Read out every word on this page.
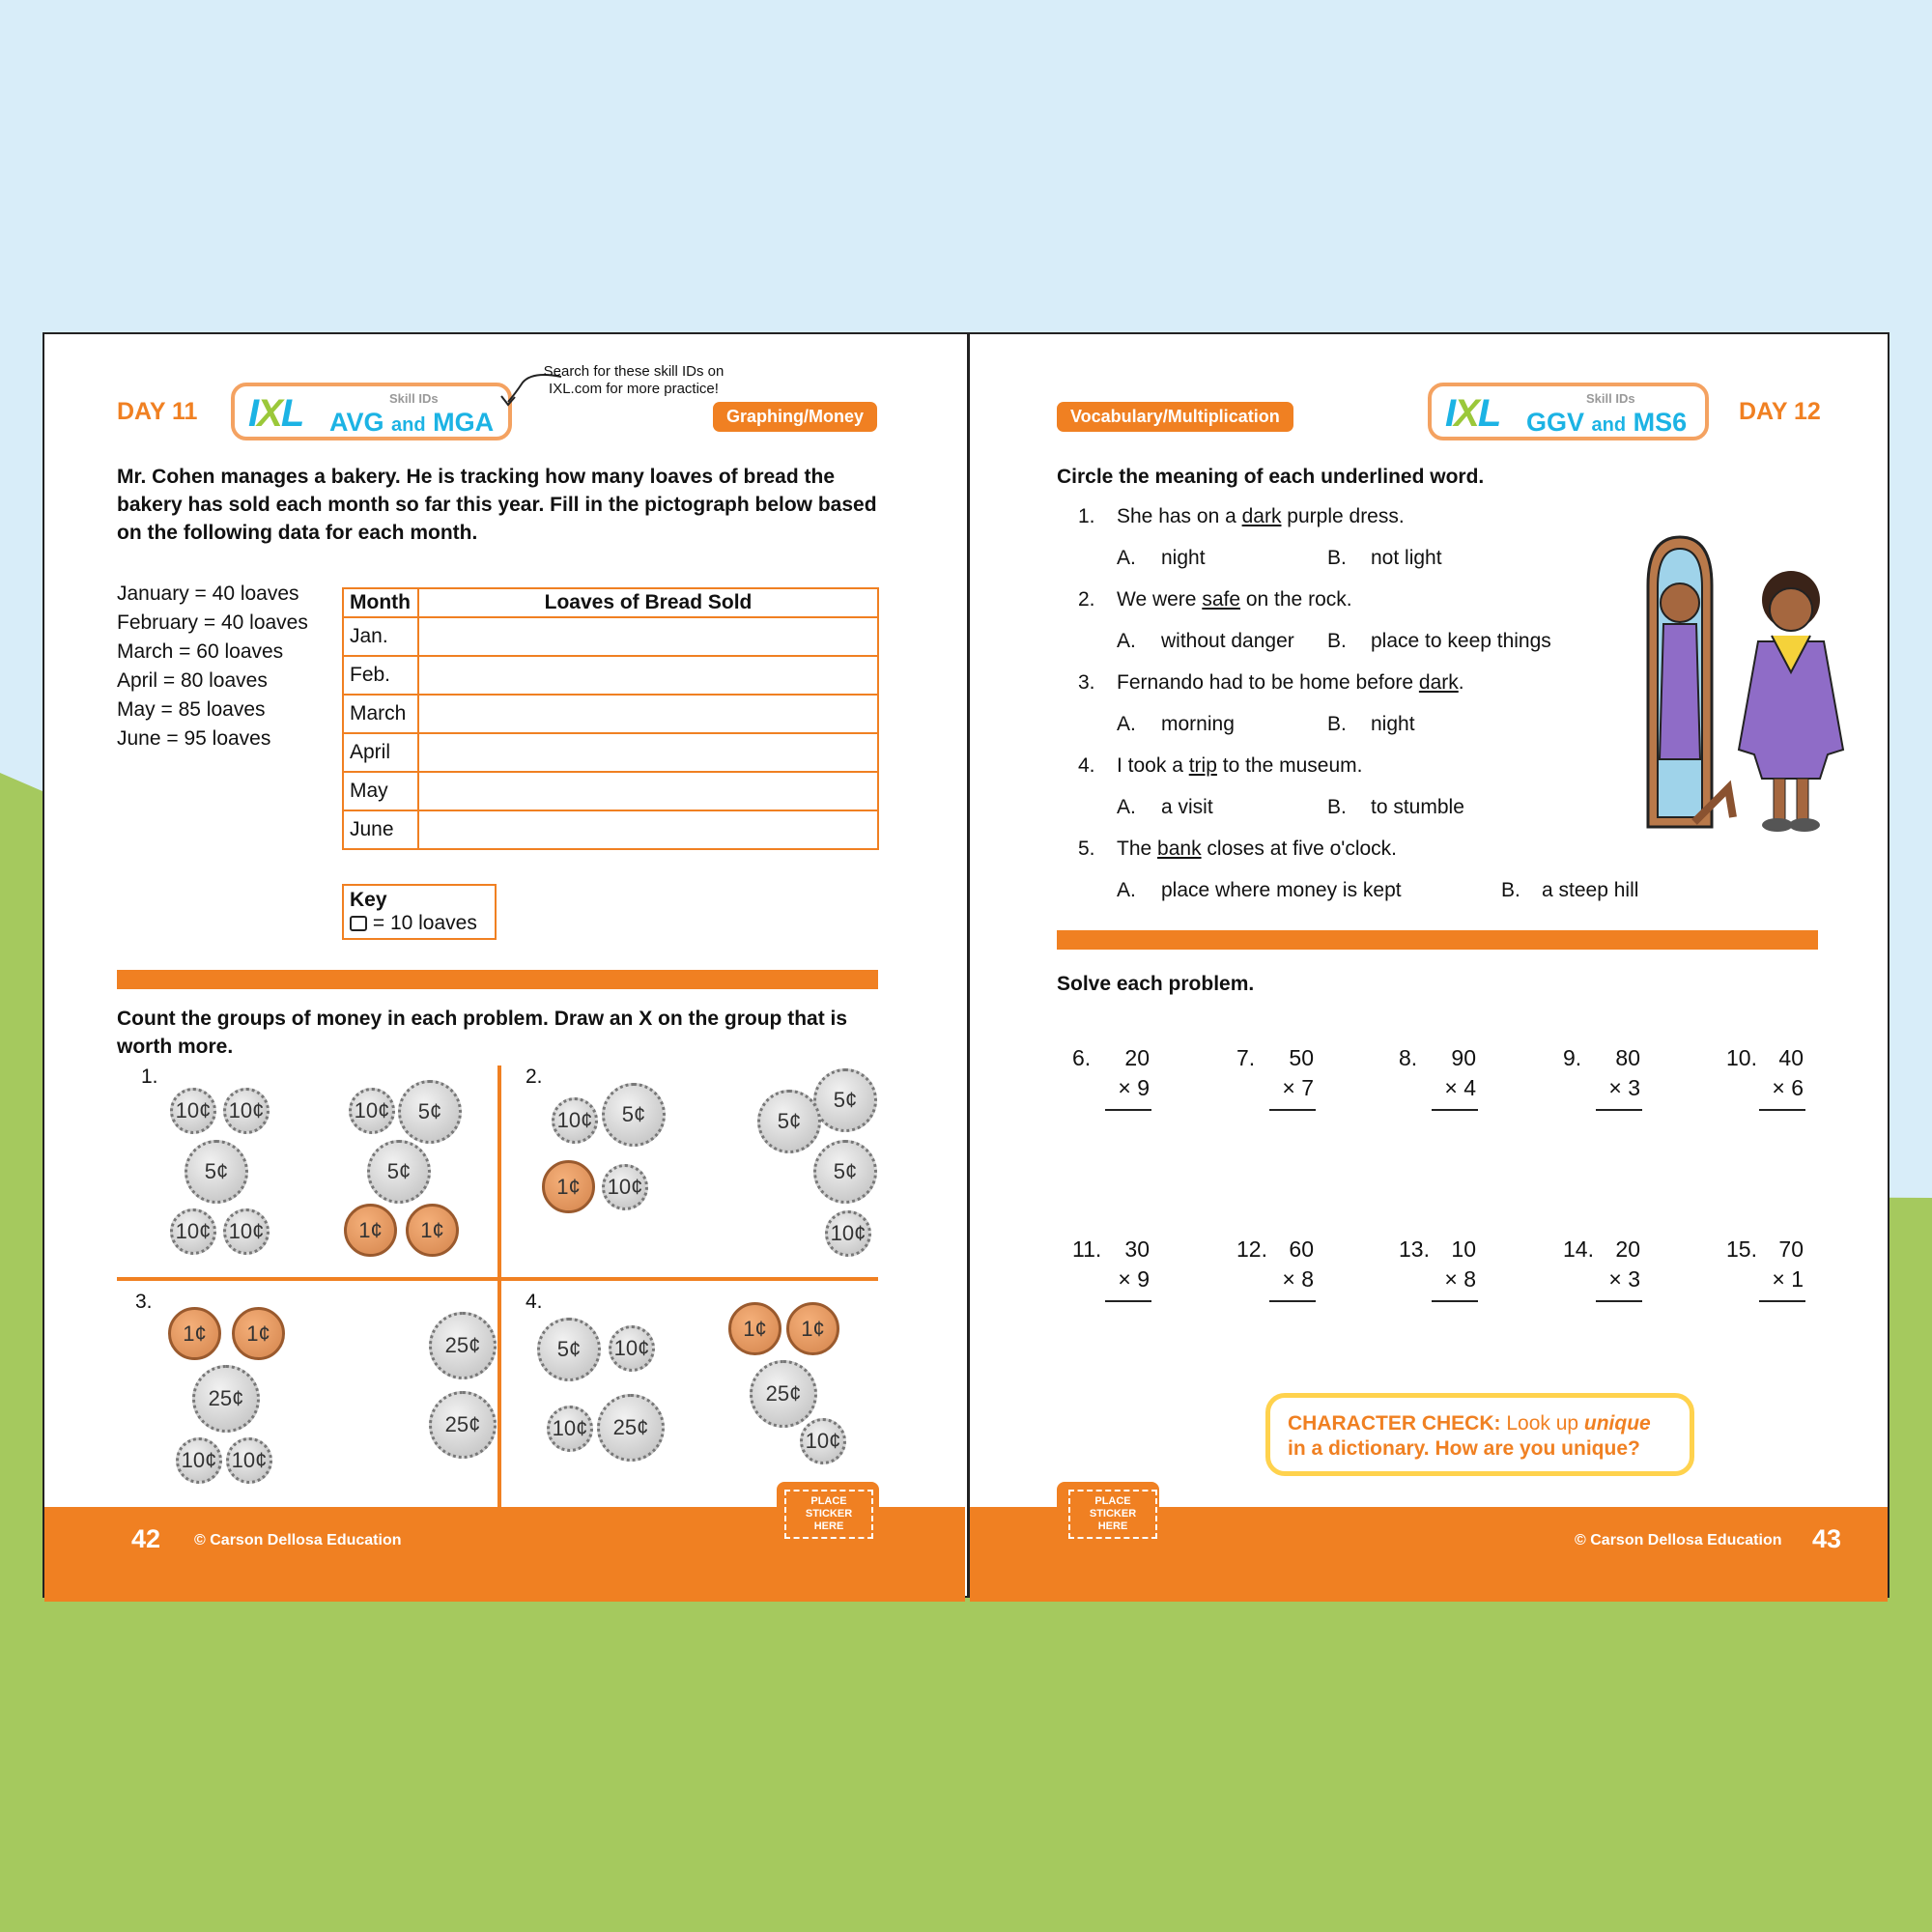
DAY 11 IXL	Skill IDs
AVG and MGA
Search for these skill IDs on
IXL.com for more practice!
Graphing/Money
Mr. Cohen manages a bakery. He is tracking how many loaves of bread the
bakery has sold each month so far this year. Fill in the pictograph below based
on the following data for each month.
January = 40 loaves
February = 40 loaves
March = 60 loaves
April = 80 loaves
May = 85 loaves
June = 95 loaves
Month	Loaves of Bread Sold
Jan.	
Feb.	
March	
April	
May	
June	
Key
= 10 loaves
Count the groups of money in each problem. Draw an X on the group that is
worth more.
1.	2.
3.	4.
10¢ 10¢
5¢
10¢ 10¢
10¢	5¢
5¢
1¢	1¢
10¢	5¢
1¢	10¢
5¢
5¢
5¢
10¢
1¢	1¢
25¢
10¢ 10¢
25¢
25¢
5¢	10¢
10¢	25¢
1¢	1¢
25¢
10¢
PLACE
STICKER
HERE
42 © Carson Dellosa Education
Vocabulary/Multiplication	IXL	Skill IDs
GGV and MS6 DAY 12
Circle the meaning of each underlined word.
1. She has on a dark purple dress.
A. night	B. not light
2. We were safe on the rock.
A. without danger B. place to keep things
3. Fernando had to be home before dark.
A. morning	B. night
4. I took a trip to the museum.
A. a visit	B. to stumble
5. The bank closes at five o'clock.
A. place where money is kept	B. a steep hill
Solve each problem.
6. 20
× 9
7. 50
× 7
8. 90
× 4
9. 80
× 3
10. 40
× 6
11. 30
× 9
12. 60
× 8
13. 10
× 8
14. 20
× 3
15. 70
× 1
CHARACTER CHECK: Look up unique
in a dictionary. How are you unique?
PLACE
STICKER
HERE
© Carson Dellosa Education 43
